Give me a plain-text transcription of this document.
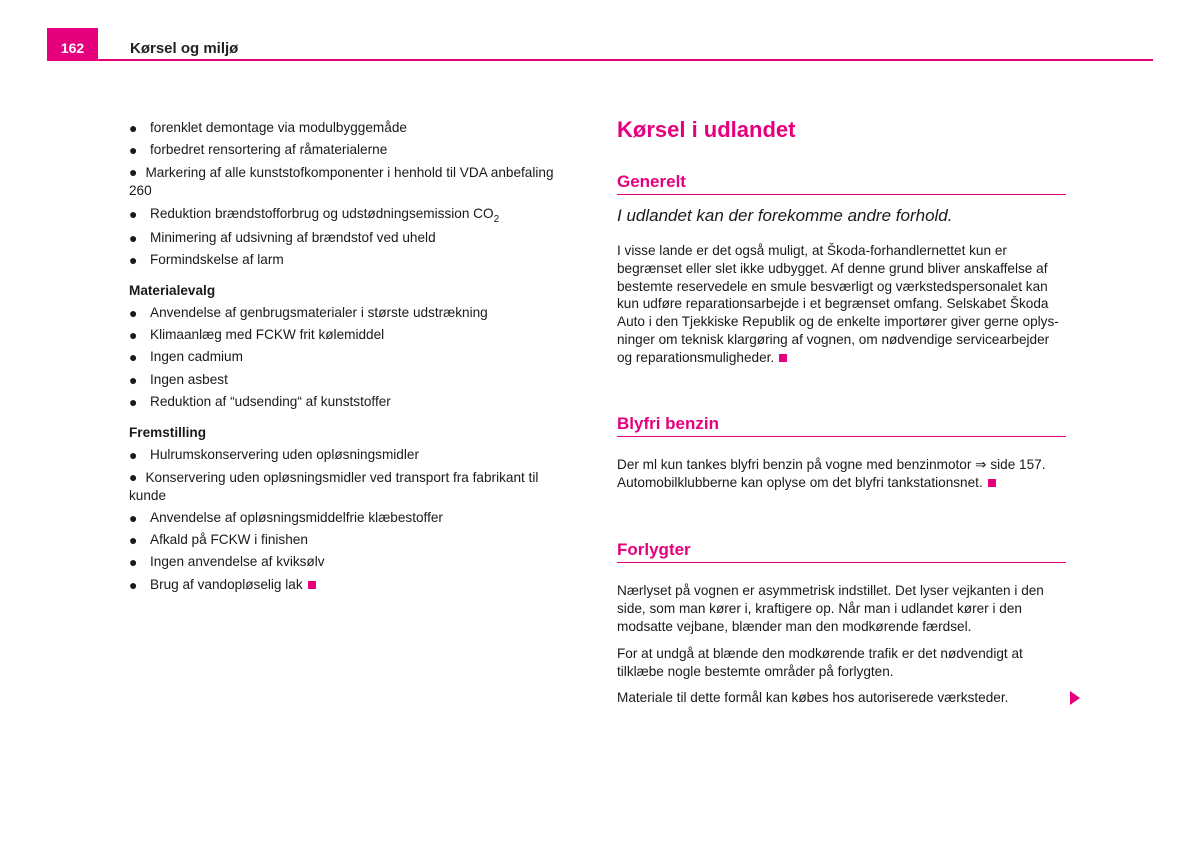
162	Kørsel og miljø
● forenklet demontage via modulbyggemåde
● forbedret rensortering af råmaterialerne
● Markering af alle kunststofkomponenter i henhold til VDA anbefaling 260
● Reduktion brændstofforbrug og udstødningsemission $CO_2$
● Minimering af udsivning af brændstof ved uheld
● Formindskelse af larm
Materialevalg
● Anvendelse af genbrugsmaterialer i største udstrækning
● Klimaanlæg med FCKW frit kølemiddel
● Ingen cadmium
● Ingen asbest
● Reduktion af “udsending“ af kunststoffer
Fremstilling
● Hulrumskonservering uden opløsningsmidler
● Konservering uden opløsningsmidler ved transport fra fabrikant til kunde
● Anvendelse af opløsningsmiddelfrie klæbestoffer
● Afkald på FCKW i finishen
● Ingen anvendelse af kviksølv
● Brug af vandopløselig lak
Kørsel i udlandet
Generelt
I udlandet kan der forekomme andre forhold.
I visse lande er det også muligt, at Škoda-forhandlernettet kun er
begrænset eller slet ikke udbygget. Af denne grund bliver anskaffelse af
bestemte reservedele en smule besværligt og værkstedspersonalet kan
kun udføre reparationsarbejde i et begrænset omfang. Selskabet Škoda
Auto i den Tjekkiske Republik og de enkelte importører giver gerne oplys-
ninger om teknisk klargøring af vognen, om nødvendige servicearbejder
og reparationsmuligheder.
Blyfri benzin
Der ml kun tankes blyfri benzin på vogne med benzinmotor ⇒ side 157.
Automobilklubberne kan oplyse om det blyfri tankstationsnet.
Forlygter
Nærlyset på vognen er asymmetrisk indstillet. Det lyser vejkanten i den
side, som man kører i, kraftigere op. Når man i udlandet kører i den
modsatte vejbane, blænder man den modkørende færdsel.
For at undgå at blænde den modkørende trafik er det nødvendigt at
tilklæbe nogle bestemte områder på forlygten.
Materiale til dette formål kan købes hos autoriserede værksteder.
